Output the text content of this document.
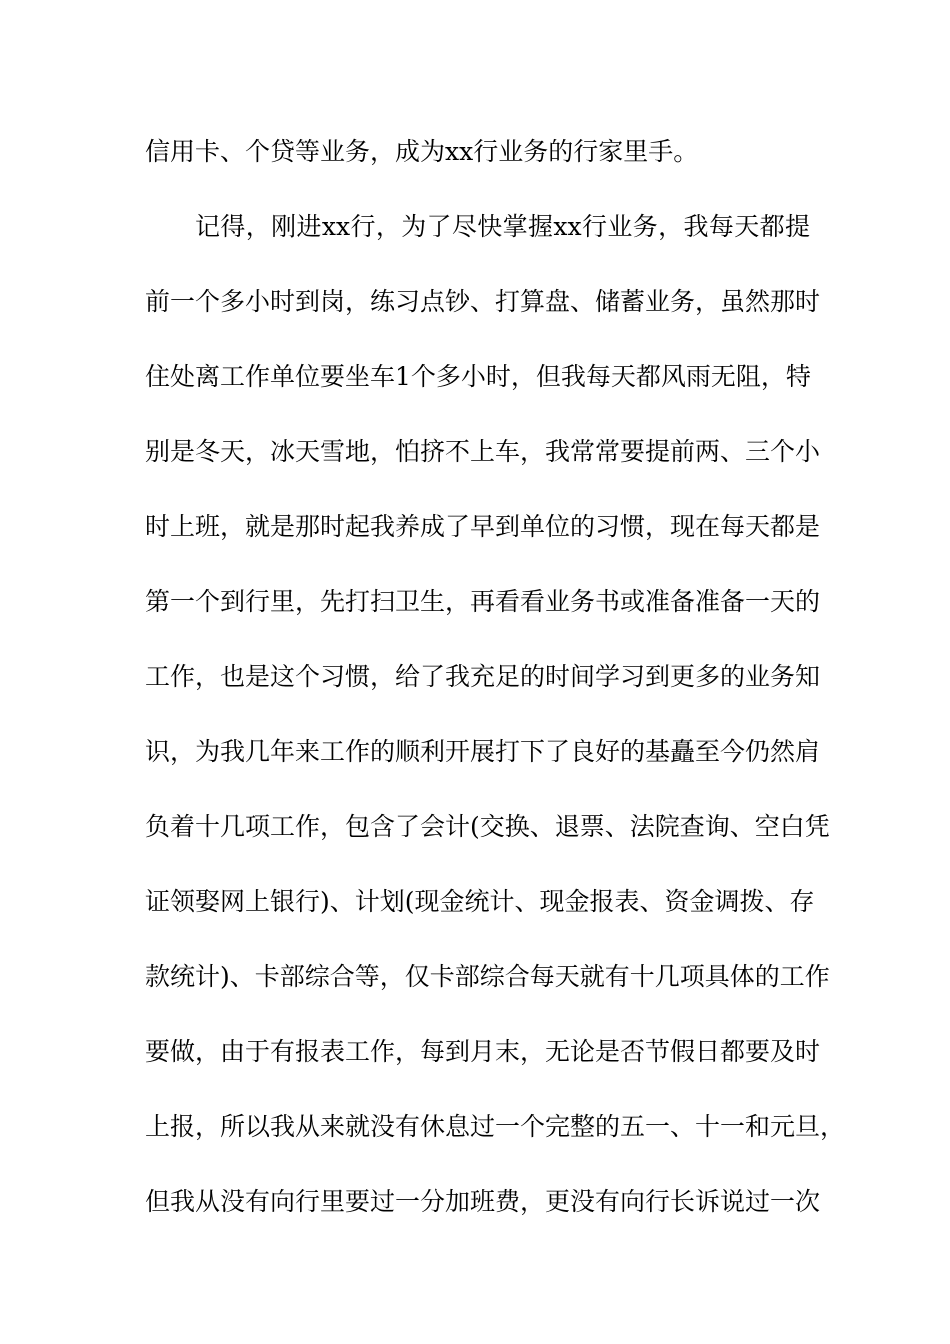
信用卡、个贷等业务，成为xx行业务的行家里手。
记得，刚进xx行，为了尽快掌握xx行业务，我每天都提
前一个多小时到岗，练习点钞、打算盘、储蓄业务，虽然那时
住处离工作单位要坐车1个多小时，但我每天都风雨无阻，特
别是冬天，冰天雪地，怕挤不上车，我常常要提前两、三个小
时上班，就是那时起我养成了早到单位的习惯，现在每天都是
第一个到行里，先打扫卫生，再看看业务书或准备准备一天的
工作，也是这个习惯，给了我充足的时间学习到更多的业务知
识，为我几年来工作的顺利开展打下了良好的基矗至今仍然肩
负着十几项工作，包含了会计(交换、退票、法院查询、空白凭
证领娶网上银行)、计划(现金统计、现金报表、资金调拨、存
款统计)、卡部综合等，仅卡部综合每天就有十几项具体的工作
要做，由于有报表工作，每到月末，无论是否节假日都要及时
上报，所以我从来就没有休息过一个完整的五一、十一和元旦，
但我从没有向行里要过一分加班费，更没有向行长诉说过一次
